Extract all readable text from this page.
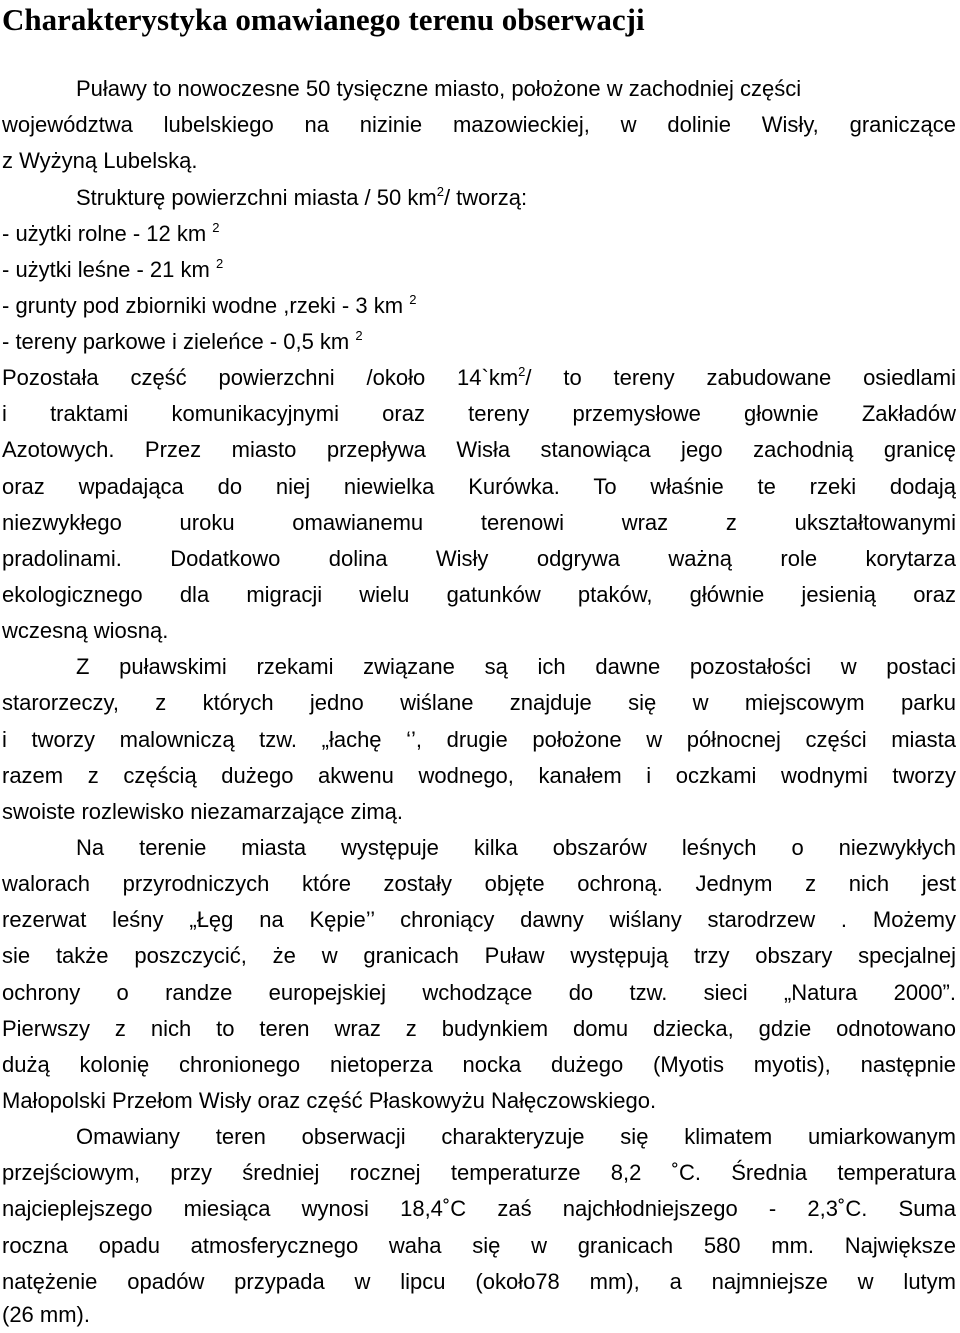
Charakterystyka omawianego terenu obserwacji
Puławy to nowoczesne 50 tysięczne miasto, położone w zachodniej części
województwa lubelskiego na nizinie mazowieckiej, w dolinie Wisły, graniczące
z Wyżyną Lubelską.
Strukturę powierzchni miasta / 50 $km^2/$ tworzą:
- użytki rolne - 12 km $^2$
- użytki leśne - 21 km $^2$
- grunty pod zbiorniki wodne ,rzeki - 3 km $^2$
- tereny parkowe i zieleńce - 0,5 km $^2$
Pozostała część powierzchni /około $14`km^2/$ to tereny zabudowane osiedlami
i traktami komunikacyjnymi oraz tereny przemysłowe głownie Zakładów
Azotowych. Przez miasto przepływa Wisła stanowiąca jego zachodnią granicę
oraz wpadająca do niej niewielka Kurówka. To właśnie te rzeki dodają
niezwykłego uroku omawianemu terenowi wraz z ukształtowanymi
pradolinami. Dodatkowo dolina Wisły odgrywa ważną role korytarza
ekologicznego dla migracji wielu gatunków ptaków, głównie jesienią oraz
wczesną wiosną.
Z puławskimi rzekami związane są ich dawne pozostałości w postaci
starorzeczy, z których jedno wiślane znajduje się w miejscowym parku
i tworzy malowniczą tzw. „łachę ‘’, drugie położone w północnej części miasta
razem z częścią dużego akwenu wodnego, kanałem i oczkami wodnymi tworzy
swoiste rozlewisko niezamarzające zimą.
Na terenie miasta występuje kilka obszarów leśnych o niezwykłych
walorach przyrodniczych które zostały objęte ochroną. Jednym z nich jest
rezerwat leśny „Łęg na Kępie’’ chroniący dawny wiślany starodrzew . Możemy
sie także poszczycić, że w granicach Puław występują trzy obszary specjalnej
ochrony o randze europejskiej wchodzące do tzw. sieci „Natura 2000”.
Pierwszy z nich to teren wraz z budynkiem domu dziecka, gdzie odnotowano
dużą kolonię chronionego nietoperza nocka dużego (Myotis myotis), następnie
Małopolski Przełom Wisły oraz część Płaskowyżu Nałęczowskiego.
Omawiany teren obserwacji charakteryzuje się klimatem umiarkowanym
przejściowym, przy średniej rocznej temperaturze 8,2 ˚C. Średnia temperatura
najcieplejszego miesiąca wynosi 18,4˚C zaś najchłodniejszego - 2,3˚C. Suma
roczna opadu atmosferycznego waha się w granicach 580 mm. Największe
natężenie opadów przypada w lipcu (około78 mm), a najmniejsze w lutym
(26 mm).
